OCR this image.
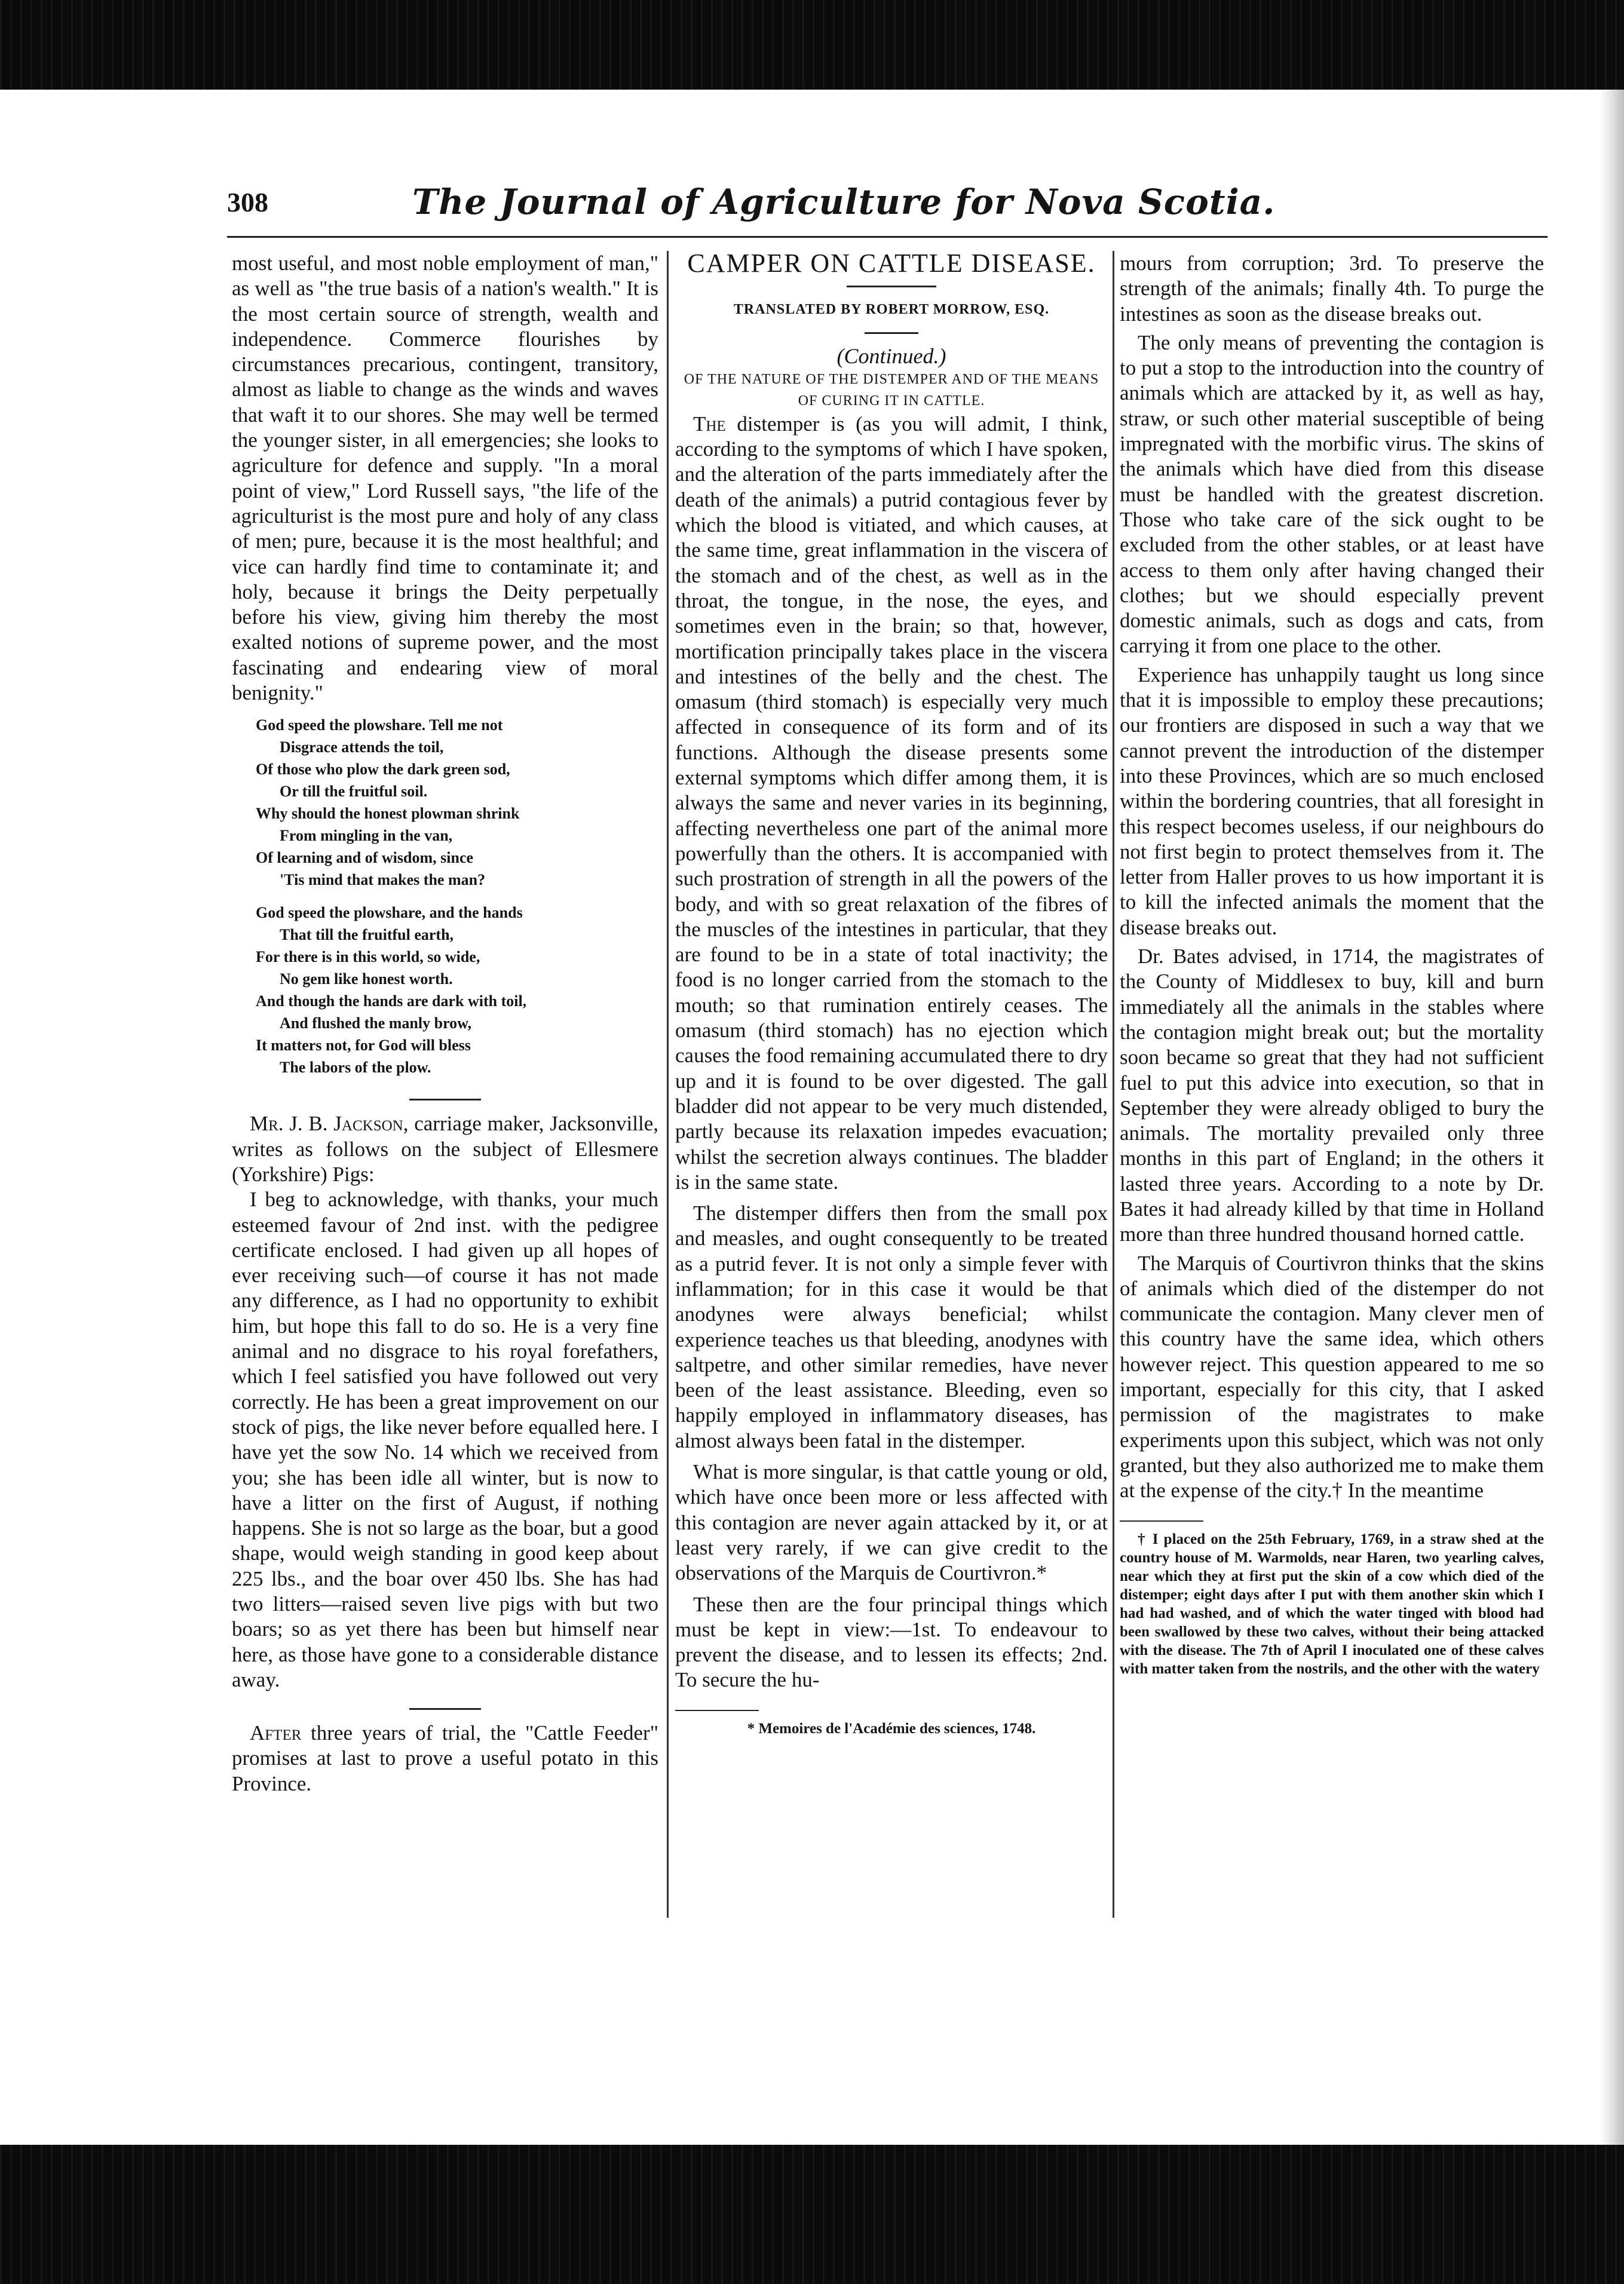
308	The Journal of Agriculture for Nova Scotia.

most useful, and most noble employment of man," as well as "the true basis of a nation's wealth." It is the most certain source of strength, wealth and independence. Commerce flourishes by circumstances precarious, contingent, transitory, almost as liable to change as the winds and waves that waft it to our shores. She may well be termed the younger sister, in all emergencies; she looks to agriculture for defence and supply. "In a moral point of view," Lord Russell says, "the life of the agriculturist is the most pure and holy of any class of men; pure, because it is the most healthful; and vice can hardly find time to contaminate it; and holy, because it brings the Deity perpetually before his view, giving him thereby the most exalted notions of supreme power, and the most fascinating and endearing view of moral benignity."

God speed the plowshare. Tell me not
Disgrace attends the toil,
Of those who plow the dark green sod,
Or till the fruitful soil.
Why should the honest plowman shrink
From mingling in the van,
Of learning and of wisdom, since
'Tis mind that makes the man?
God speed the plowshare, and the hands
That till the fruitful earth,
For there is in this world, so wide,
No gem like honest worth.
And though the hands are dark with toil,
And flushed the manly brow,
It matters not, for God will bless
The labors of the plow.

Mr. J. B. Jackson, carriage maker, Jacksonville, writes as follows on the subject of Ellesmere (Yorkshire) Pigs:

I beg to acknowledge, with thanks, your much esteemed favour of 2nd inst. with the pedigree certificate enclosed. I had given up all hopes of ever receiving such—of course it has not made any difference, as I had no opportunity to exhibit him, but hope this fall to do so. He is a very fine animal and no disgrace to his royal forefathers, which I feel satisfied you have followed out very correctly. He has been a great improvement on our stock of pigs, the like never before equalled here. I have yet the sow No. 14 which we received from you; she has been idle all winter, but is now to have a litter on the first of August, if nothing happens. She is not so large as the boar, but a good shape, would weigh standing in good keep about 225 lbs., and the boar over 450 lbs. She has had two litters—raised seven live pigs with but two boars; so as yet there has been but himself near here, as those have gone to a considerable distance away.

After three years of trial, the "Cattle Feeder" promises at last to prove a useful potato in this Province.

CAMPER ON CATTLE DISEASE.

TRANSLATED BY ROBERT MORROW, ESQ.

(Continued.)

OF THE NATURE OF THE DISTEMPER AND OF THE MEANS OF CURING IT IN CATTLE.

The distemper is (as you will admit, I think, according to the symptoms of which I have spoken, and the alteration of the parts immediately after the death of the animals) a putrid contagious fever by which the blood is vitiated, and which causes, at the same time, great inflammation in the viscera of the stomach and of the chest, as well as in the throat, the tongue, in the nose, the eyes, and sometimes even in the brain; so that, however, mortification principally takes place in the viscera and intestines of the belly and the chest. The omasum (third stomach) is especially very much affected in consequence of its form and of its functions. Although the disease presents some external symptoms which differ among them, it is always the same and never varies in its beginning, affecting nevertheless one part of the animal more powerfully than the others. It is accompanied with such prostration of strength in all the powers of the body, and with so great relaxation of the fibres of the muscles of the intestines in particular, that they are found to be in a state of total inactivity; the food is no longer carried from the stomach to the mouth; so that rumination entirely ceases. The omasum (third stomach) has no ejection which causes the food remaining accumulated there to dry up and it is found to be over digested. The gall bladder did not appear to be very much distended, partly because its relaxation impedes evacuation; whilst the secretion always continues. The bladder is in the same state.

The distemper differs then from the small pox and measles, and ought consequently to be treated as a putrid fever. It is not only a simple fever with inflammation; for in this case it would be that anodynes were always beneficial; whilst experience teaches us that bleeding, anodynes with saltpetre, and other similar remedies, have never been of the least assistance. Bleeding, even so happily employed in inflammatory diseases, has almost always been fatal in the distemper.

What is more singular, is that cattle young or old, which have once been more or less affected with this contagion are never again attacked by it, or at least very rarely, if we can give credit to the observations of the Marquis de Courtivron.*

These then are the four principal things which must be kept in view:—1st. To endeavour to prevent the disease, and to lessen its effects; 2nd. To secure the hu-

* Memoires de l'Académie des sciences, 1748.

mours from corruption; 3rd. To preserve the strength of the animals; finally 4th. To purge the intestines as soon as the disease breaks out.

The only means of preventing the contagion is to put a stop to the introduction into the country of animals which are attacked by it, as well as hay, straw, or such other material susceptible of being impregnated with the morbific virus. The skins of the animals which have died from this disease must be handled with the greatest discretion. Those who take care of the sick ought to be excluded from the other stables, or at least have access to them only after having changed their clothes; but we should especially prevent domestic animals, such as dogs and cats, from carrying it from one place to the other.

Experience has unhappily taught us long since that it is impossible to employ these precautions; our frontiers are disposed in such a way that we cannot prevent the introduction of the distemper into these Provinces, which are so much enclosed within the bordering countries, that all foresight in this respect becomes useless, if our neighbours do not first begin to protect themselves from it. The letter from Haller proves to us how important it is to kill the infected animals the moment that the disease breaks out.

Dr. Bates advised, in 1714, the magistrates of the County of Middlesex to buy, kill and burn immediately all the animals in the stables where the contagion might break out; but the mortality soon became so great that they had not sufficient fuel to put this advice into execution, so that in September they were already obliged to bury the animals. The mortality prevailed only three months in this part of England; in the others it lasted three years. According to a note by Dr. Bates it had already killed by that time in Holland more than three hundred thousand horned cattle.

The Marquis of Courtivron thinks that the skins of animals which died of the distemper do not communicate the contagion. Many clever men of this country have the same idea, which others however reject. This question appeared to me so important, especially for this city, that I asked permission of the magistrates to make experiments upon this subject, which was not only granted, but they also authorized me to make them at the expense of the city.† In the meantime

† I placed on the 25th February, 1769, in a straw shed at the country house of M. Warmolds, near Haren, two yearling calves, near which they at first put the skin of a cow which died of the distemper; eight days after I put with them another skin which I had had washed, and of which the water tinged with blood had been swallowed by these two calves, without their being attacked with the disease. The 7th of April I inoculated one of these calves with matter taken from the nostrils, and the other with the watery
